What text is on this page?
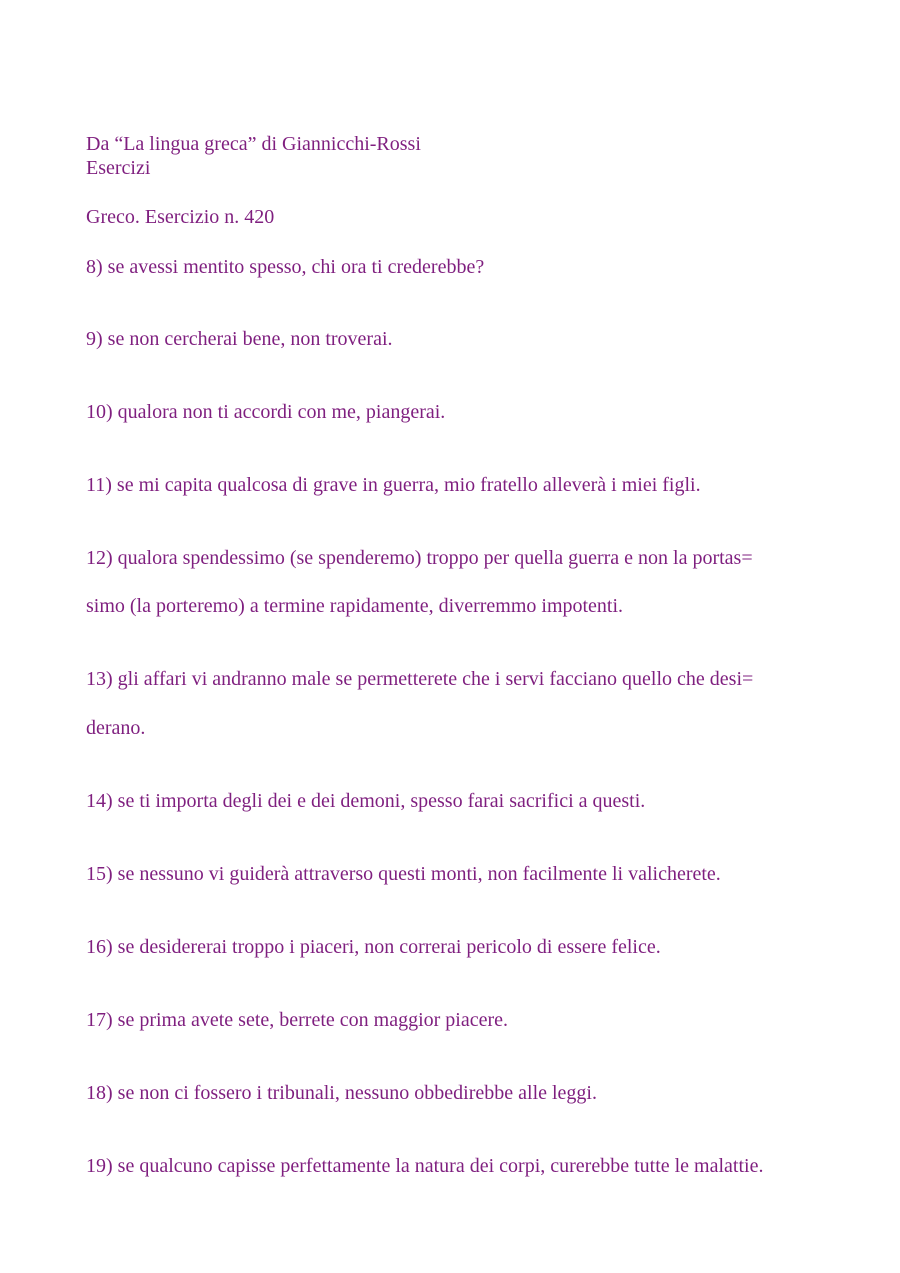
Da “La lingua greca” di Giannicchi-Rossi
Esercizi
Greco. Esercizio n. 420
8) se avessi mentito spesso, chi ora ti crederebbe?
9) se non cercherai bene, non troverai.
10) qualora non ti accordi con me, piangerai.
11) se mi capita qualcosa di grave in guerra, mio fratello alleverà i miei figli.
12) qualora spendessimo (se spenderemo) troppo per quella guerra e non la portas=
simo (la porteremo) a termine rapidamente, diverremmo impotenti.
13) gli affari vi andranno male se permetterete che i servi facciano quello che desi=
derano.
14) se ti importa degli dei e dei demoni, spesso farai sacrifici a questi.
15) se nessuno vi guiderà attraverso questi monti, non facilmente li valicherete.
16) se desidererai troppo i piaceri, non correrai pericolo di essere felice.
17) se prima avete sete, berrete con maggior piacere.
18) se non ci fossero i tribunali, nessuno obbedirebbe alle leggi.
19) se qualcuno capisse perfettamente la natura dei corpi, curerebbe tutte le malattie.
